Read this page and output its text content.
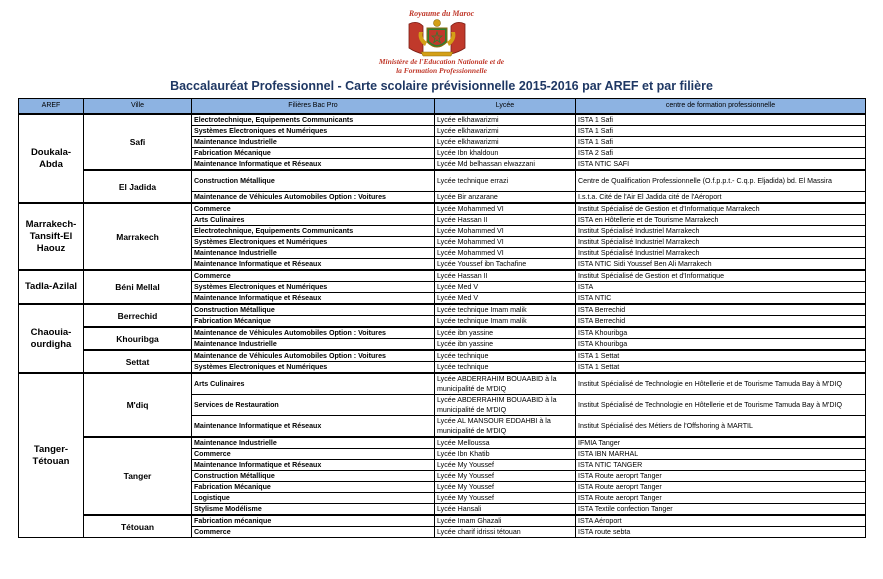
Royaume du Maroc
Ministère de l'Education Nationale et de
la Formation Professionnelle
Baccalauréat Professionnel - Carte scolaire prévisionnelle 2015-2016 par AREF et par filière
AREF	Ville	Filières Bac Pro	Lycée	centre de formation professionnelle
Doukala-Abda	Safi	Electrotechnique, Equipements Communicants	Lycée elkhawarizmi	ISTA 1 Safi
		Systèmes Electroniques et Numériques	Lycée elkhawarizmi	ISTA 1 Safi
		Maintenance Industrielle	Lycée elkhawarizmi	ISTA 1 Safi
		Fabrication Mécanique	Lycée Ibn khaldoun	ISTA 2 Safi
		Maintenance Informatique et Réseaux	Lycée Md belhassan elwazzani	ISTA NTIC SAFI
	El Jadida	Construction Métallique	Lycée technique errazi	Centre de Qualification Professionnelle (O.f.p.p.t.- C.q.p. Eljadida) bd. El Massira
		Maintenance de Véhicules Automobiles Option : Voitures	Lycée Bir anzarane	I.s.t.a. Cité de l'Air El Jadida cité de l'Aéroport
Marrakech-Tansift-El Haouz	Marrakech	Commerce	Lycée Mohammed VI	Institut Spécialisé de Gestion et d'Informatique Marrakech
		Arts Culinaires	Lycée Hassan II	ISTA en Hôtellerie et de Tourisme Marrakech
		Electrotechnique, Equipements Communicants	Lycée Mohammed VI	Institut Spécialisé Industriel Marrakech
		Systèmes Electroniques et Numériques	Lycée Mohammed VI	Institut Spécialisé Industriel Marrakech
		Maintenance Industrielle	Lycée Mohammed VI	Institut Spécialisé Industriel Marrakech
		Maintenance Informatique et Réseaux	Lycée Youssef ibn Tachafine	ISTA NTIC Sidi Youssef Ben Ali Marrakech
Tadla-Azilal	Béni Mellal	Commerce	Lycée Hassan II	Institut Spécialisé de Gestion et d'Informatique
		Systèmes Electroniques et Numériques	Lycée Med V	ISTA
		Maintenance Informatique et Réseaux	Lycée Med V	ISTA NTIC
Chaouia-ourdigha	Berrechid	Construction Métallique	Lycée technique Imam malik	ISTA Berrechid
		Fabrication Mécanique	Lycée technique Imam malik	ISTA Berrechid
	Khouribga	Maintenance de Véhicules Automobiles Option : Voitures	Lycée ibn yassine	ISTA Khouribga
		Maintenance Industrielle	Lycée ibn yassine	ISTA Khouribga
	Settat	Maintenance de Véhicules Automobiles Option : Voitures	Lycée technique	ISTA 1 Settat
		Systèmes Electroniques et Numériques	Lycée technique	ISTA 1 Settat
Tanger-Tétouan	M'diq	Arts Culinaires	Lycée ABDERRAHIM BOUAABID à la municipalité de M'DIQ	Institut Spécialisé de Technologie en Hôtellerie et de Tourisme Tamuda Bay à M'DIQ
		Services de Restauration	Lycée ABDERRAHIM BOUAABID à la municipalité de M'DIQ	Institut Spécialisé de Technologie en Hôtellerie et de Tourisme Tamuda Bay à M'DIQ
		Maintenance Informatique et Réseaux	Lycée AL MANSOUR EDDAHBI à la municipalité de M'DIQ	Institut Spécialisé des Métiers de l'Offshoring à MARTIL
	Tanger	Maintenance Industrielle	Lycée Melloussa	IFMIA Tanger
		Commerce	Lycée Ibn Khatib	ISTA IBN MARHAL
		Maintenance Informatique et Réseaux	Lycée My Youssef	ISTA NTIC TANGER
		Construction Métallique	Lycée My Youssef	ISTA Route aeroprt Tanger
		Fabrication Mécanique	Lycée My Youssef	ISTA Route aeroprt Tanger
		Logistique	Lycée My Youssef	ISTA Route aeroprt Tanger
		Stylisme Modélisme	Lycée Hansali	ISTA Textile confection Tanger
	Tétouan	Fabrication mécanique	Lycée Imam Ghazali	ISTA Aéroport
		Commerce	Lycée charif idrissi tétouan	ISTA route sebta
